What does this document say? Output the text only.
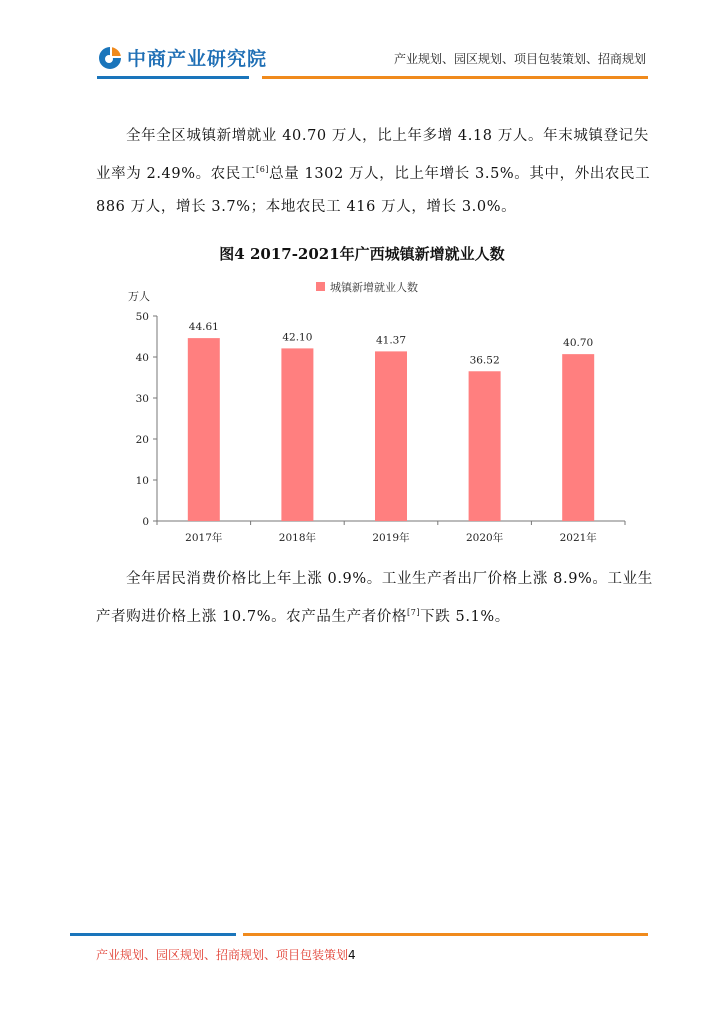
中商产业研究院	产业规划、园区规划、项目包装策划、招商规划

全年全区城镇新增就业 40.70 万人，比上年多增 4.18 万人。年末城镇登记失业率为 2.49%。农民工[6]总量 1302 万人，比上年增长 3.5%。其中，外出农民工 886 万人，增长 3.7%；本地农民工 416 万人，增长 3.0%。

图4 2017-2021年广西城镇新增就业人数
万人
城镇新增就业人数
0
10
20
30
40
50
44.61
2017年
42.10
2018年
41.37
2019年
36.52
2020年
40.70
2021年

全年居民消费价格比上年上涨 0.9%。工业生产者出厂价格上涨 8.9%。工业生产者购进价格上涨 10.7%。农产品生产者价格[7]下跌 5.1%。

产业规划、园区规划、招商规划、项目包装策划4
